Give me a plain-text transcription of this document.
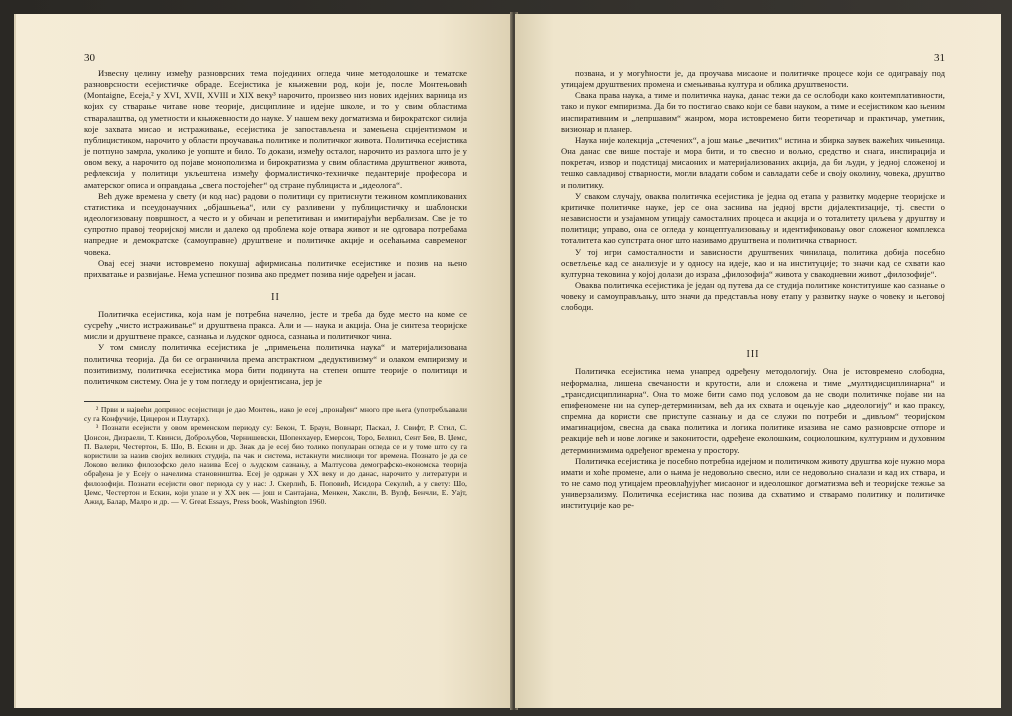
30

Извесну целину између разноврсних тема појединих огледа чине методолошке и тематске разноврсности есејистичке обраде. Есејистика је књижевни род, који је, после Монтењовиh (Montaigne, Eceja,² у XVI, XVII, XVIII и XIX веку³ нарочито, произвео низ нових идејних варница из којих су стварање читаве нове теорије, дисциплине и идејне школе, и то у свим областима стваралаштва, од уметности и књижевности до науке. У нашем веку догматизма и бирократског силија које захвата мисао и истраживање, есејистика је запостављена и замењена сцијентизмом и публицистиком, нарочито у области проучавања политике и политичког живота. Политичка есејистика је потпуно замрла, уколико је уопште и било. То докази, између осталог, нарочито из разлога што је у овом веку, а нарочито од појаве монополизма и бирократизма у свим областима друштвеног живота, рефлексија у политици укљештена између формалистичко-техничке педантерије професора и аматерског описа и оправдања „свега постојећег“ од стране публициста и „идеолога“.

Већ дуже времена у свету (и код нас) радови о политици су притиснути тежином компликованих статистика и псеудонаучних „објашњења“, или су разливени у публицистичку и шаблонски идеологизовану површност, а често и у обичан и репетитиван и имитирајући вербализам. Све је то супротно правој теоријској мисли и далеко од проблема које отвара живот и не одговара потребама напредне и демократске (самоуправне) друштвене и политичке акције и осећањима савременог човека.

Овај есеј значи истовремено покушај афирмисања политичке есејистике и позив на њено прихватање и развијање. Нема успешног позива ако предмет позива није одређен и јасан.

II

Политичка есејистика, која нам је потребна начелно, јесте и треба да буде место на коме се сусрећу „чисто истраживање“ и друштвена пракса. Али и — наука и акција. Она је синтеза теоријске мисли и друштвене праксе, сазнања и људског односа, сазнања и политичког чина.

У том смислу политичка есејистика је „примењена политичка наука“ и материјализована политичка теорија. Да би се ограничила према апстрактном „дедуктивизму“ и олаком емпиризму и позитивизму, политичка есејистика мора бити подинута на степен опште теорије о политици и политичком систему. Она је у том погледу и оријентисана, јер је

² Први и највећи допринос есејистици је дао Монтењ, иако је есеј „пронађен“ много пре њега (употребљавали су га Конфучије, Цицерон и Плутарх).

³ Познати есејисти у овом временском периоду су: Бекон, Т. Браун, Вовнарг, Паскал, Ј. Свифт, Р. Стил, С. Џонсон, Дизраели, Т. Квинси, Доброљубов, Чернишевски, Шопенхауер, Емерсон, Торо, Белвил, Сент Бев, В. Џемс, П. Валери, Честертон, Б. Шо, В. Ескин и др. Знак да је есеј био толико популаран огледа се и у томе што су га користили за назив својих великих студија, па чак и система, истакнути мислиоци тог времена. Познато је да се Локово велико филозофско дело назива Есеј о људском сазнању, а Малтусова демографско-економска теорија обрађена је у Есеју о начелима становништва. Есеј је одржан у XX веку и до данас, нарочито у литератури и филозофији. Познати есејисти овог периода су у нас: Ј. Скерлић, Б. Поповић, Исидора Секулић, а у свету: Шо, Џемс, Честертон и Ескин, који улазе и у XX век — још и Сантајана, Менкен, Хаксли, В. Вулф, Бенчли, Е. Уајт, Ажид, Балар, Малро и др. — V. Great Essays, Press book, Washington 1960.

31

позвана, и у могућности је, да проучава мисаоне и политичке процесе који се одигравају под утицајем друштвених промена и смењивања култура и облика друштвености.

Свака права наука, а тиме и политичка наука, данас тежи да се ослободи како контемплативности, тако и пуког емпиризма. Да би то постигао свако који се бави науком, а тиме и есејистиком као њеним инспиративним и „лепршавим“ жанром, мора истовремено бити теоретичар и практичар, уметник, визионар и планер.

Наука није колекција „стечених“, а још мање „вечитих“ истина и збирка заувек важећих чињеница. Она данас све више постаје и мора бити, и то свесно и вољно, средство и снага, инспирација и покретач, извор и подстицај мисаоних и материјализованих акција, да би људи, у једној сложеној и тешко савладивој стварности, могли владати собом и савладати себе и своју околину, човека, друштво и политику.

У сваком случају, оваква политичка есејистика је једна од етапа у развитку модерне теоријске и критичке политичке науке, јер се она заснива на једној врсти дијалектизације, тј. свести о независности и узајамном утицају самосталних процеса и акција и о тоталитету циљева у друштву и политици; управо, она се огледа у концептуализовању и идентификовању овог сложеног комплекса тоталитета као супстрата оног што називамо друштвена и политичка стварност.

У тој игри самосталности и зависности друштвених чинилаца, политика добија посебно осветљење кад се анализује и у односу на идеје, као и на институције; то значи кад се схвати као културна тековина у којој долази до израза „филозофија“ живота у свакодневни живот „филозофије“.

Оваква политичка есејистика је један од путева да се студија политике конституише као сазнање о човеку и самоуправљању, што значи да представља нову етапу у развитку науке о човеку и његовој слободи.

III

Политичка есејистика нема унапред одређену методологију. Она је истовремено слободна, неформална, лишена свечаности и крутости, али и сложена и тиме „мултидисциплинарна“ и „трансдисциплинарна“. Она то може бити само под условом да не своди политичке појаве ни на епифеномене ни на супер-детерминизам, већ да их схвата и оцењује као „идеологију“ и као праксу, спремна да користи све приступе сазнању и да се служи по потреби и „дивљом“ теоријском имагинацијом, свесна да свака политика и логика политике изазива не само разноврсне отпоре и реакције већ и нове логике и законитости, одређене еколошким, социолошким, културним и духовним детерминизмима одређеног времена у простору.

Политичка есејистика је посебно потребна идејном и политичком животу друштва које нужно мора имати и хоће промене, али о њима је недовољно свесно, или се недовољно сналази и кад их ствара, и то не само под утицајем преовлађујућег мисаоног и идеолошког догматизма већ и теоријске тежње за универзализму. Политичка есејистика нас позива да схватимо и стварамо политику и политичке институције као ре-
